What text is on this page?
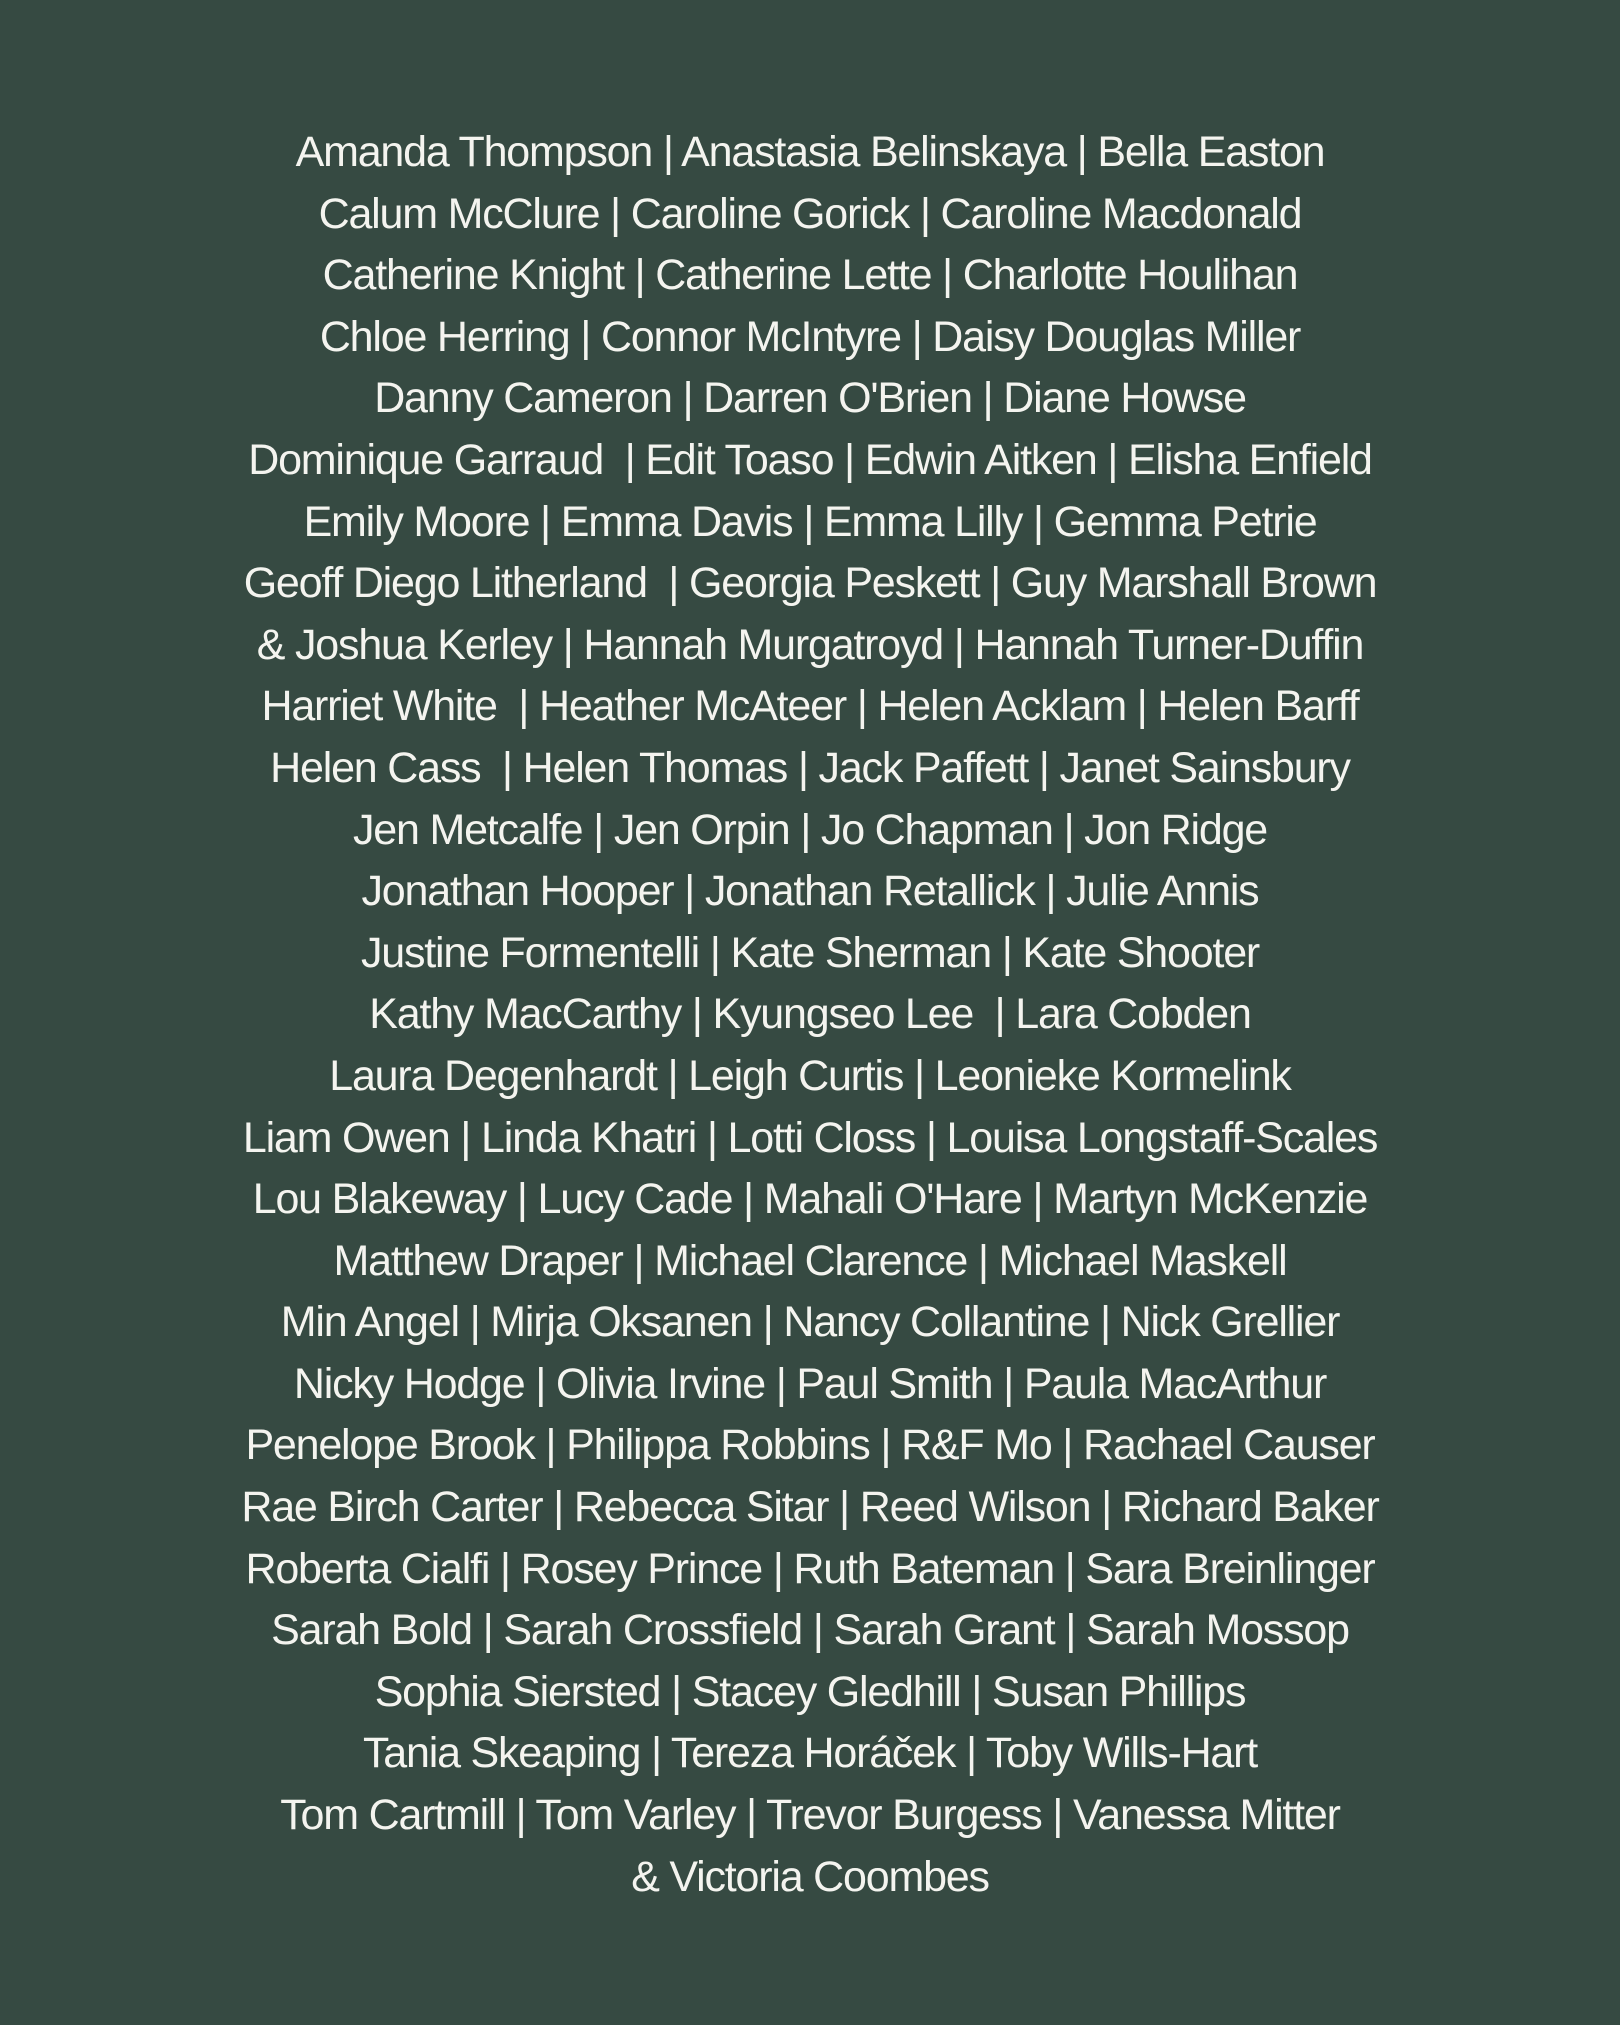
Amanda Thompson | Anastasia Belinskaya | Bella Easton
Calum McClure | Caroline Gorick | Caroline Macdonald
Catherine Knight | Catherine Lette | Charlotte Houlihan
Chloe Herring | Connor McIntyre | Daisy Douglas Miller
Danny Cameron | Darren O'Brien | Diane Howse
Dominique Garraud  | Edit Toaso | Edwin Aitken | Elisha Enfield
Emily Moore | Emma Davis | Emma Lilly | Gemma Petrie
Geoff Diego Litherland  | Georgia Peskett | Guy Marshall Brown
& Joshua Kerley | Hannah Murgatroyd | Hannah Turner-Duffin
Harriet White  | Heather McAteer | Helen Acklam | Helen Barff
Helen Cass  | Helen Thomas | Jack Paffett | Janet Sainsbury
Jen Metcalfe | Jen Orpin | Jo Chapman | Jon Ridge
Jonathan Hooper | Jonathan Retallick | Julie Annis
Justine Formentelli | Kate Sherman | Kate Shooter
Kathy MacCarthy | Kyungseo Lee  | Lara Cobden
Laura Degenhardt | Leigh Curtis | Leonieke Kormelink
Liam Owen | Linda Khatri | Lotti Closs | Louisa Longstaff-Scales
Lou Blakeway | Lucy Cade | Mahali O'Hare | Martyn McKenzie
Matthew Draper | Michael Clarence | Michael Maskell
Min Angel | Mirja Oksanen | Nancy Collantine | Nick Grellier
Nicky Hodge | Olivia Irvine | Paul Smith | Paula MacArthur
Penelope Brook | Philippa Robbins | R&F Mo | Rachael Causer
Rae Birch Carter | Rebecca Sitar | Reed Wilson | Richard Baker
Roberta Cialfi | Rosey Prince | Ruth Bateman | Sara Breinlinger
Sarah Bold | Sarah Crossfield | Sarah Grant | Sarah Mossop
Sophia Siersted | Stacey Gledhill | Susan Phillips
Tania Skeaping | Tereza Horáček | Toby Wills-Hart
Tom Cartmill | Tom Varley | Trevor Burgess | Vanessa Mitter
& Victoria Coombes
